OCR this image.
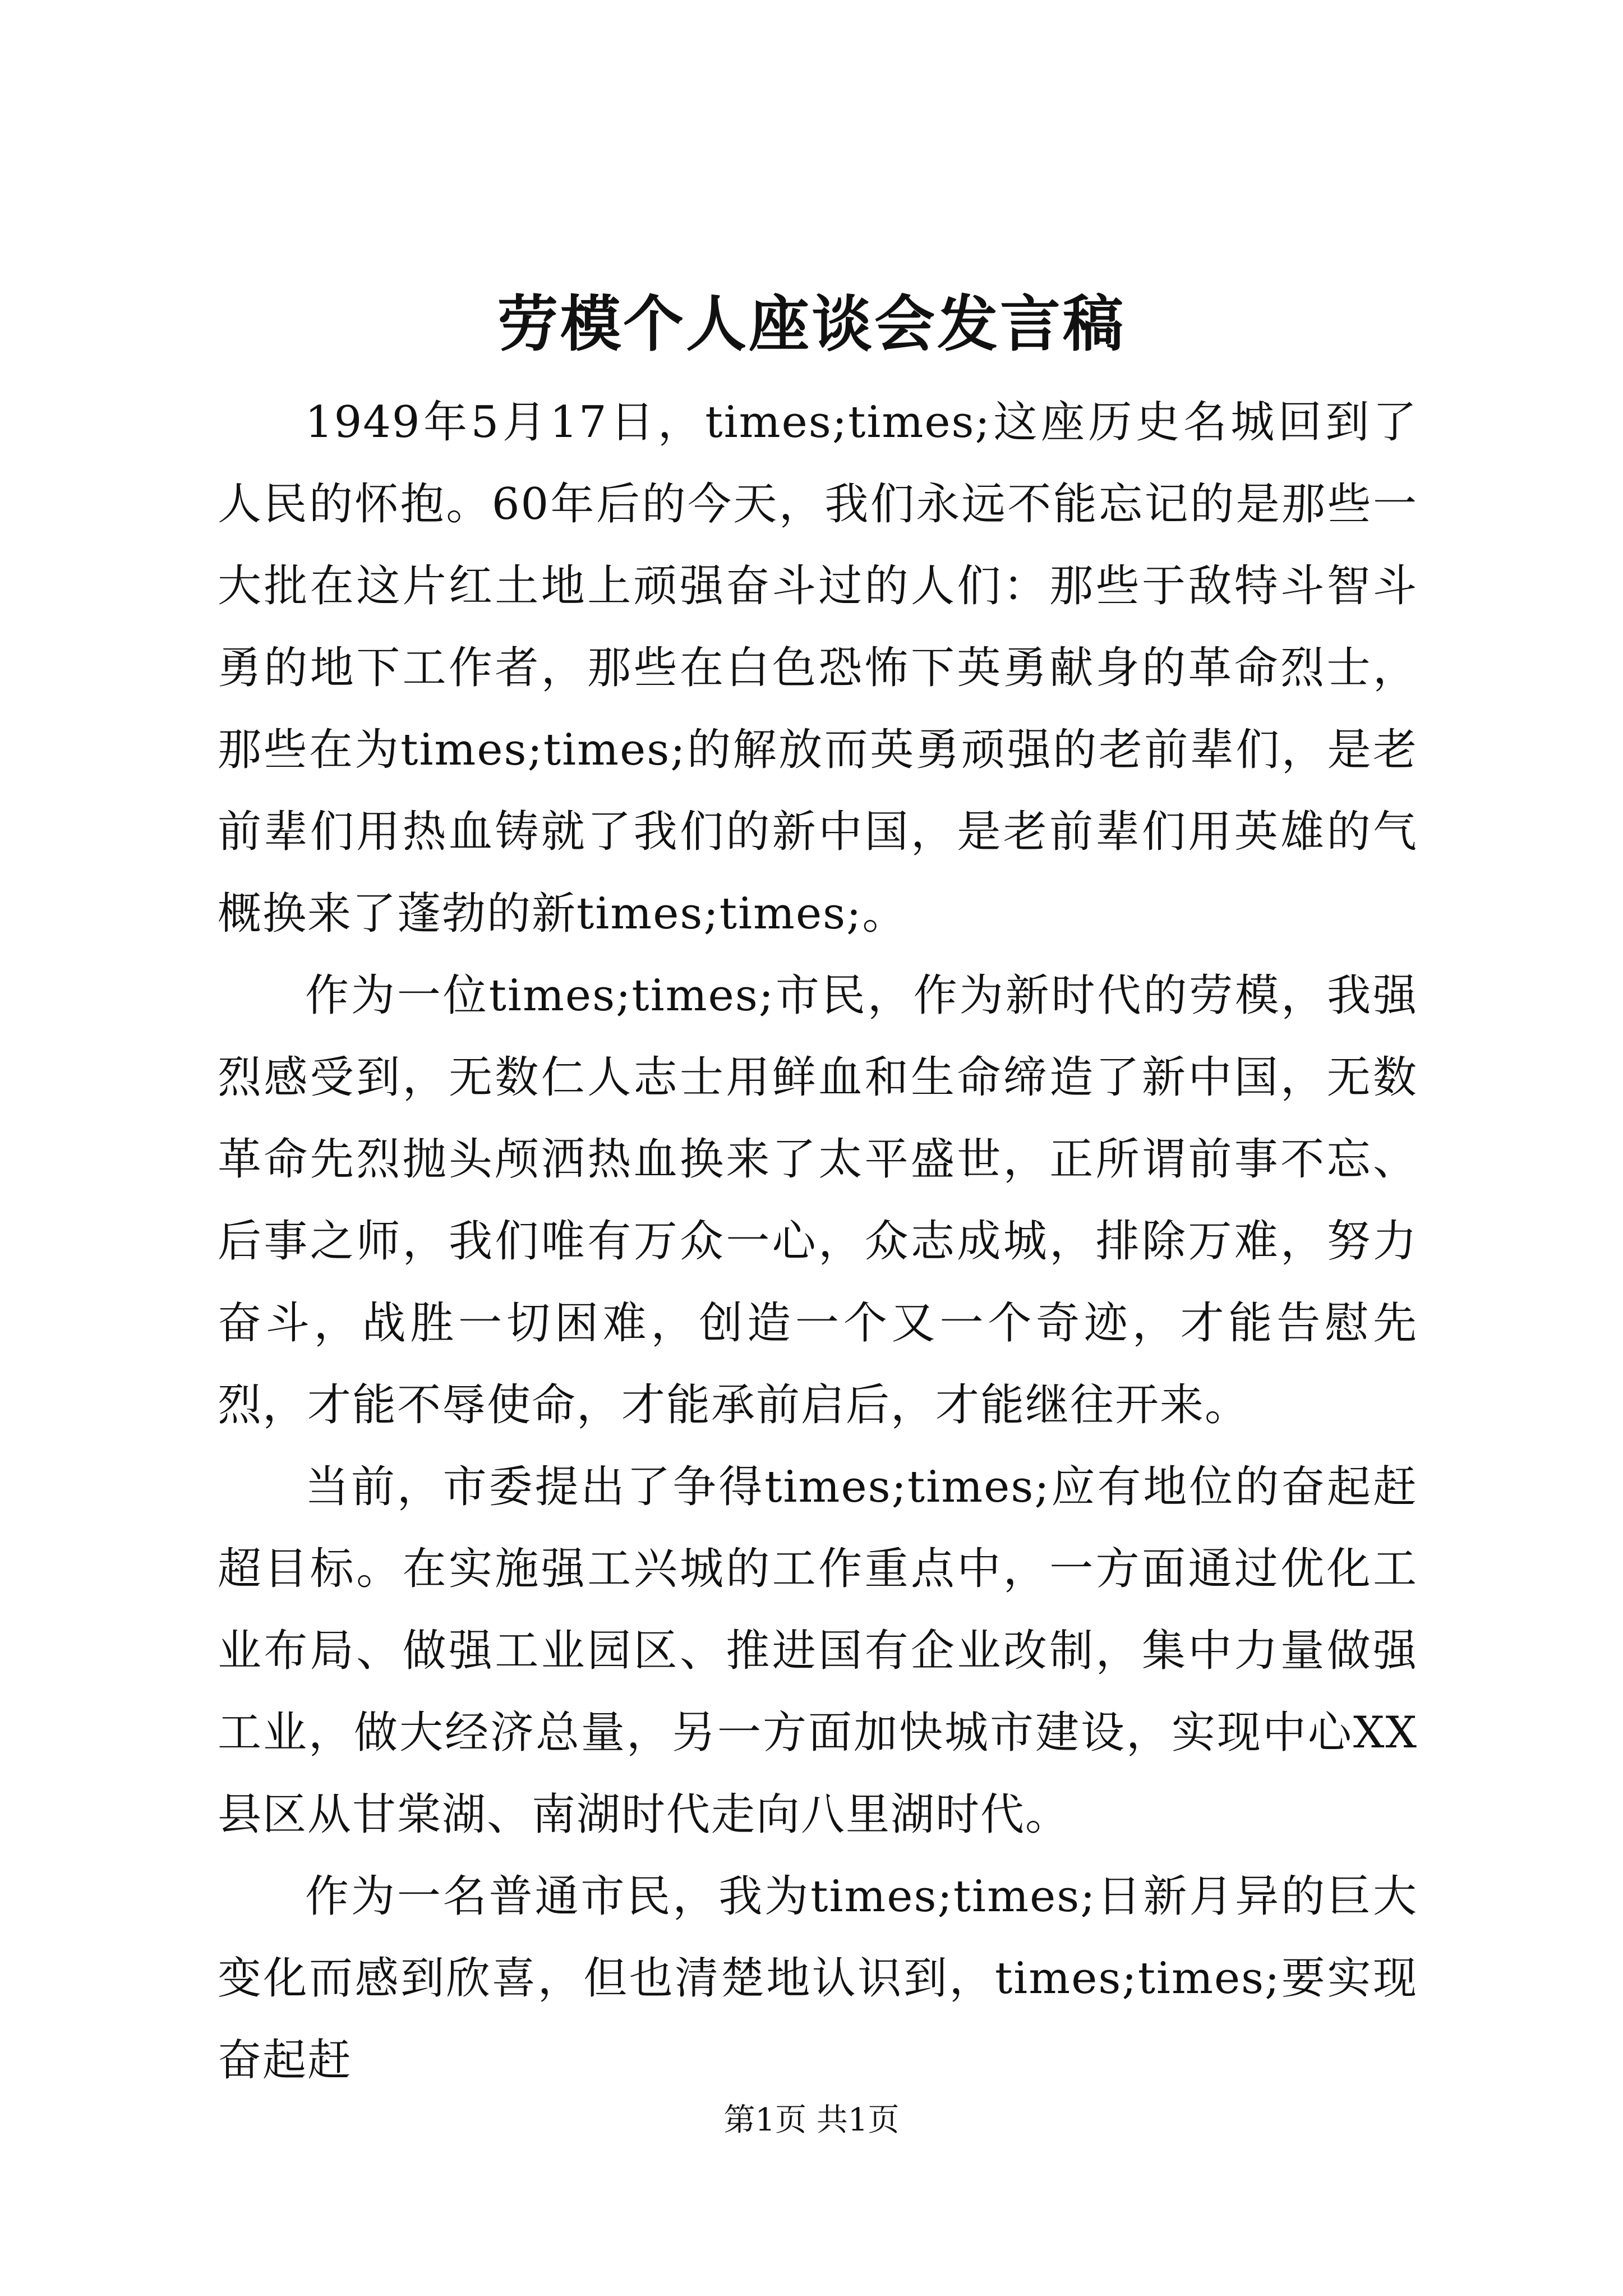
劳模个人座谈会发言稿

1949年5月17日，times;times;这座历史名城回到了人民的怀抱。60年后的今天，我们永远不能忘记的是那些一大批在这片红土地上顽强奋斗过的人们：那些于敌特斗智斗勇的地下工作者，那些在白色恐怖下英勇献身的革命烈士，那些在为times;times;的解放而英勇顽强的老前辈们，是老前辈们用热血铸就了我们的新中国，是老前辈们用英雄的气概换来了蓬勃的新times;times;。

作为一位times;times;市民，作为新时代的劳模，我强烈感受到，无数仁人志士用鲜血和生命缔造了新中国，无数革命先烈抛头颅洒热血换来了太平盛世，正所谓前事不忘、后事之师，我们唯有万众一心，众志成城，排除万难，努力奋斗，战胜一切困难，创造一个又一个奇迹，才能告慰先烈，才能不辱使命，才能承前启后，才能继往开来。

当前，市委提出了争得times;times;应有地位的奋起赶超目标。在实施强工兴城的工作重点中，一方面通过优化工业布局、做强工业园区、推进国有企业改制，集中力量做强工业，做大经济总量，另一方面加快城市建设，实现中心XX县区从甘棠湖、南湖时代走向八里湖时代。

作为一名普通市民，我为times;times;日新月异的巨大变化而感到欣喜，但也清楚地认识到，times;times;要实现奋起赶

第1页 共1页
